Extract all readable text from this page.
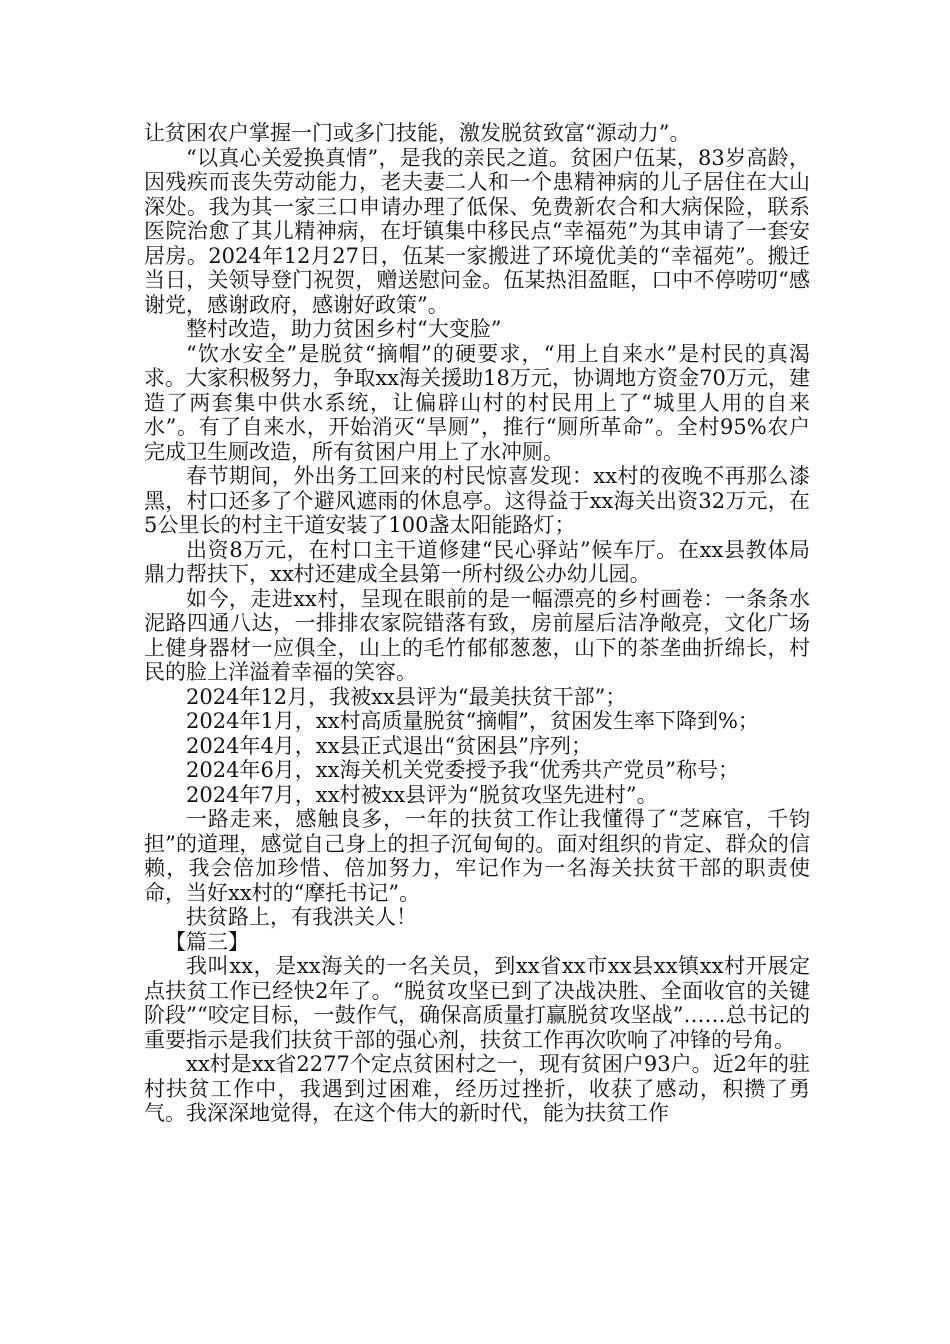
让贫困农户掌握一门或多门技能，激发脱贫致富“源动力”。

“以真心关爱换真情”，是我的亲民之道。贫困户伍某，83岁高龄，因残疾而丧失劳动能力，老夫妻二人和一个患精神病的儿子居住在大山深处。我为其一家三口申请办理了低保、免费新农合和大病保险，联系医院治愈了其儿精神病，在圩镇集中移民点“幸福苑”为其申请了一套安居房。2024年12月27日，伍某一家搬进了环境优美的“幸福苑”。搬迁当日，关领导登门祝贺，赠送慰问金。伍某热泪盈眶，口中不停唠叨“感谢党，感谢政府，感谢好政策”。

整村改造，助力贫困乡村“大变脸”

“饮水安全”是脱贫“摘帽”的硬要求，“用上自来水”是村民的真渴求。大家积极努力，争取xx海关援助18万元，协调地方资金70万元，建造了两套集中供水系统，让偏辟山村的村民用上了“城里人用的自来水”。有了自来水，开始消灭“旱厕”，推行“厕所革命”。全村95%农户完成卫生厕改造，所有贫困户用上了水冲厕。

春节期间，外出务工回来的村民惊喜发现：xx村的夜晚不再那么漆黑，村口还多了个避风遮雨的休息亭。这得益于xx海关出资32万元，在5公里长的村主干道安装了100盏太阳能路灯；

出资8万元，在村口主干道修建“民心驿站”候车厅。在xx县教体局鼎力帮扶下，xx村还建成全县第一所村级公办幼儿园。

如今，走进xx村，呈现在眼前的是一幅漂亮的乡村画卷：一条条水泥路四通八达，一排排农家院错落有致，房前屋后洁净敞亮，文化广场上健身器材一应俱全，山上的毛竹郁郁葱葱，山下的茶垄曲折绵长，村民的脸上洋溢着幸福的笑容。

2024年12月，我被xx县评为“最美扶贫干部”；

2024年1月，xx村高质量脱贫“摘帽”，贫困发生率下降到%；

2024年4月，xx县正式退出“贫困县”序列；

2024年6月，xx海关机关党委授予我“优秀共产党员”称号；

2024年7月，xx村被xx县评为“脱贫攻坚先进村”。

一路走来，感触良多，一年的扶贫工作让我懂得了“芝麻官，千钧担”的道理，感觉自己身上的担子沉甸甸的。面对组织的肯定、群众的信赖，我会倍加珍惜、倍加努力，牢记作为一名海关扶贫干部的职责使命，当好xx村的“摩托书记”。

扶贫路上，有我洪关人！

【篇三】

我叫xx，是xx海关的一名关员，到xx省xx市xx县xx镇xx村开展定点扶贫工作已经快2年了。“脱贫攻坚已到了决战决胜、全面收官的关键阶段”“咬定目标，一鼓作气，确保高质量打赢脱贫攻坚战”……总书记的重要指示是我们扶贫干部的强心剂，扶贫工作再次吹响了冲锋的号角。

xx村是xx省2277个定点贫困村之一，现有贫困户93户。近2年的驻村扶贫工作中，我遇到过困难，经历过挫折，收获了感动，积攒了勇气。我深深地觉得，在这个伟大的新时代，能为扶贫工作
